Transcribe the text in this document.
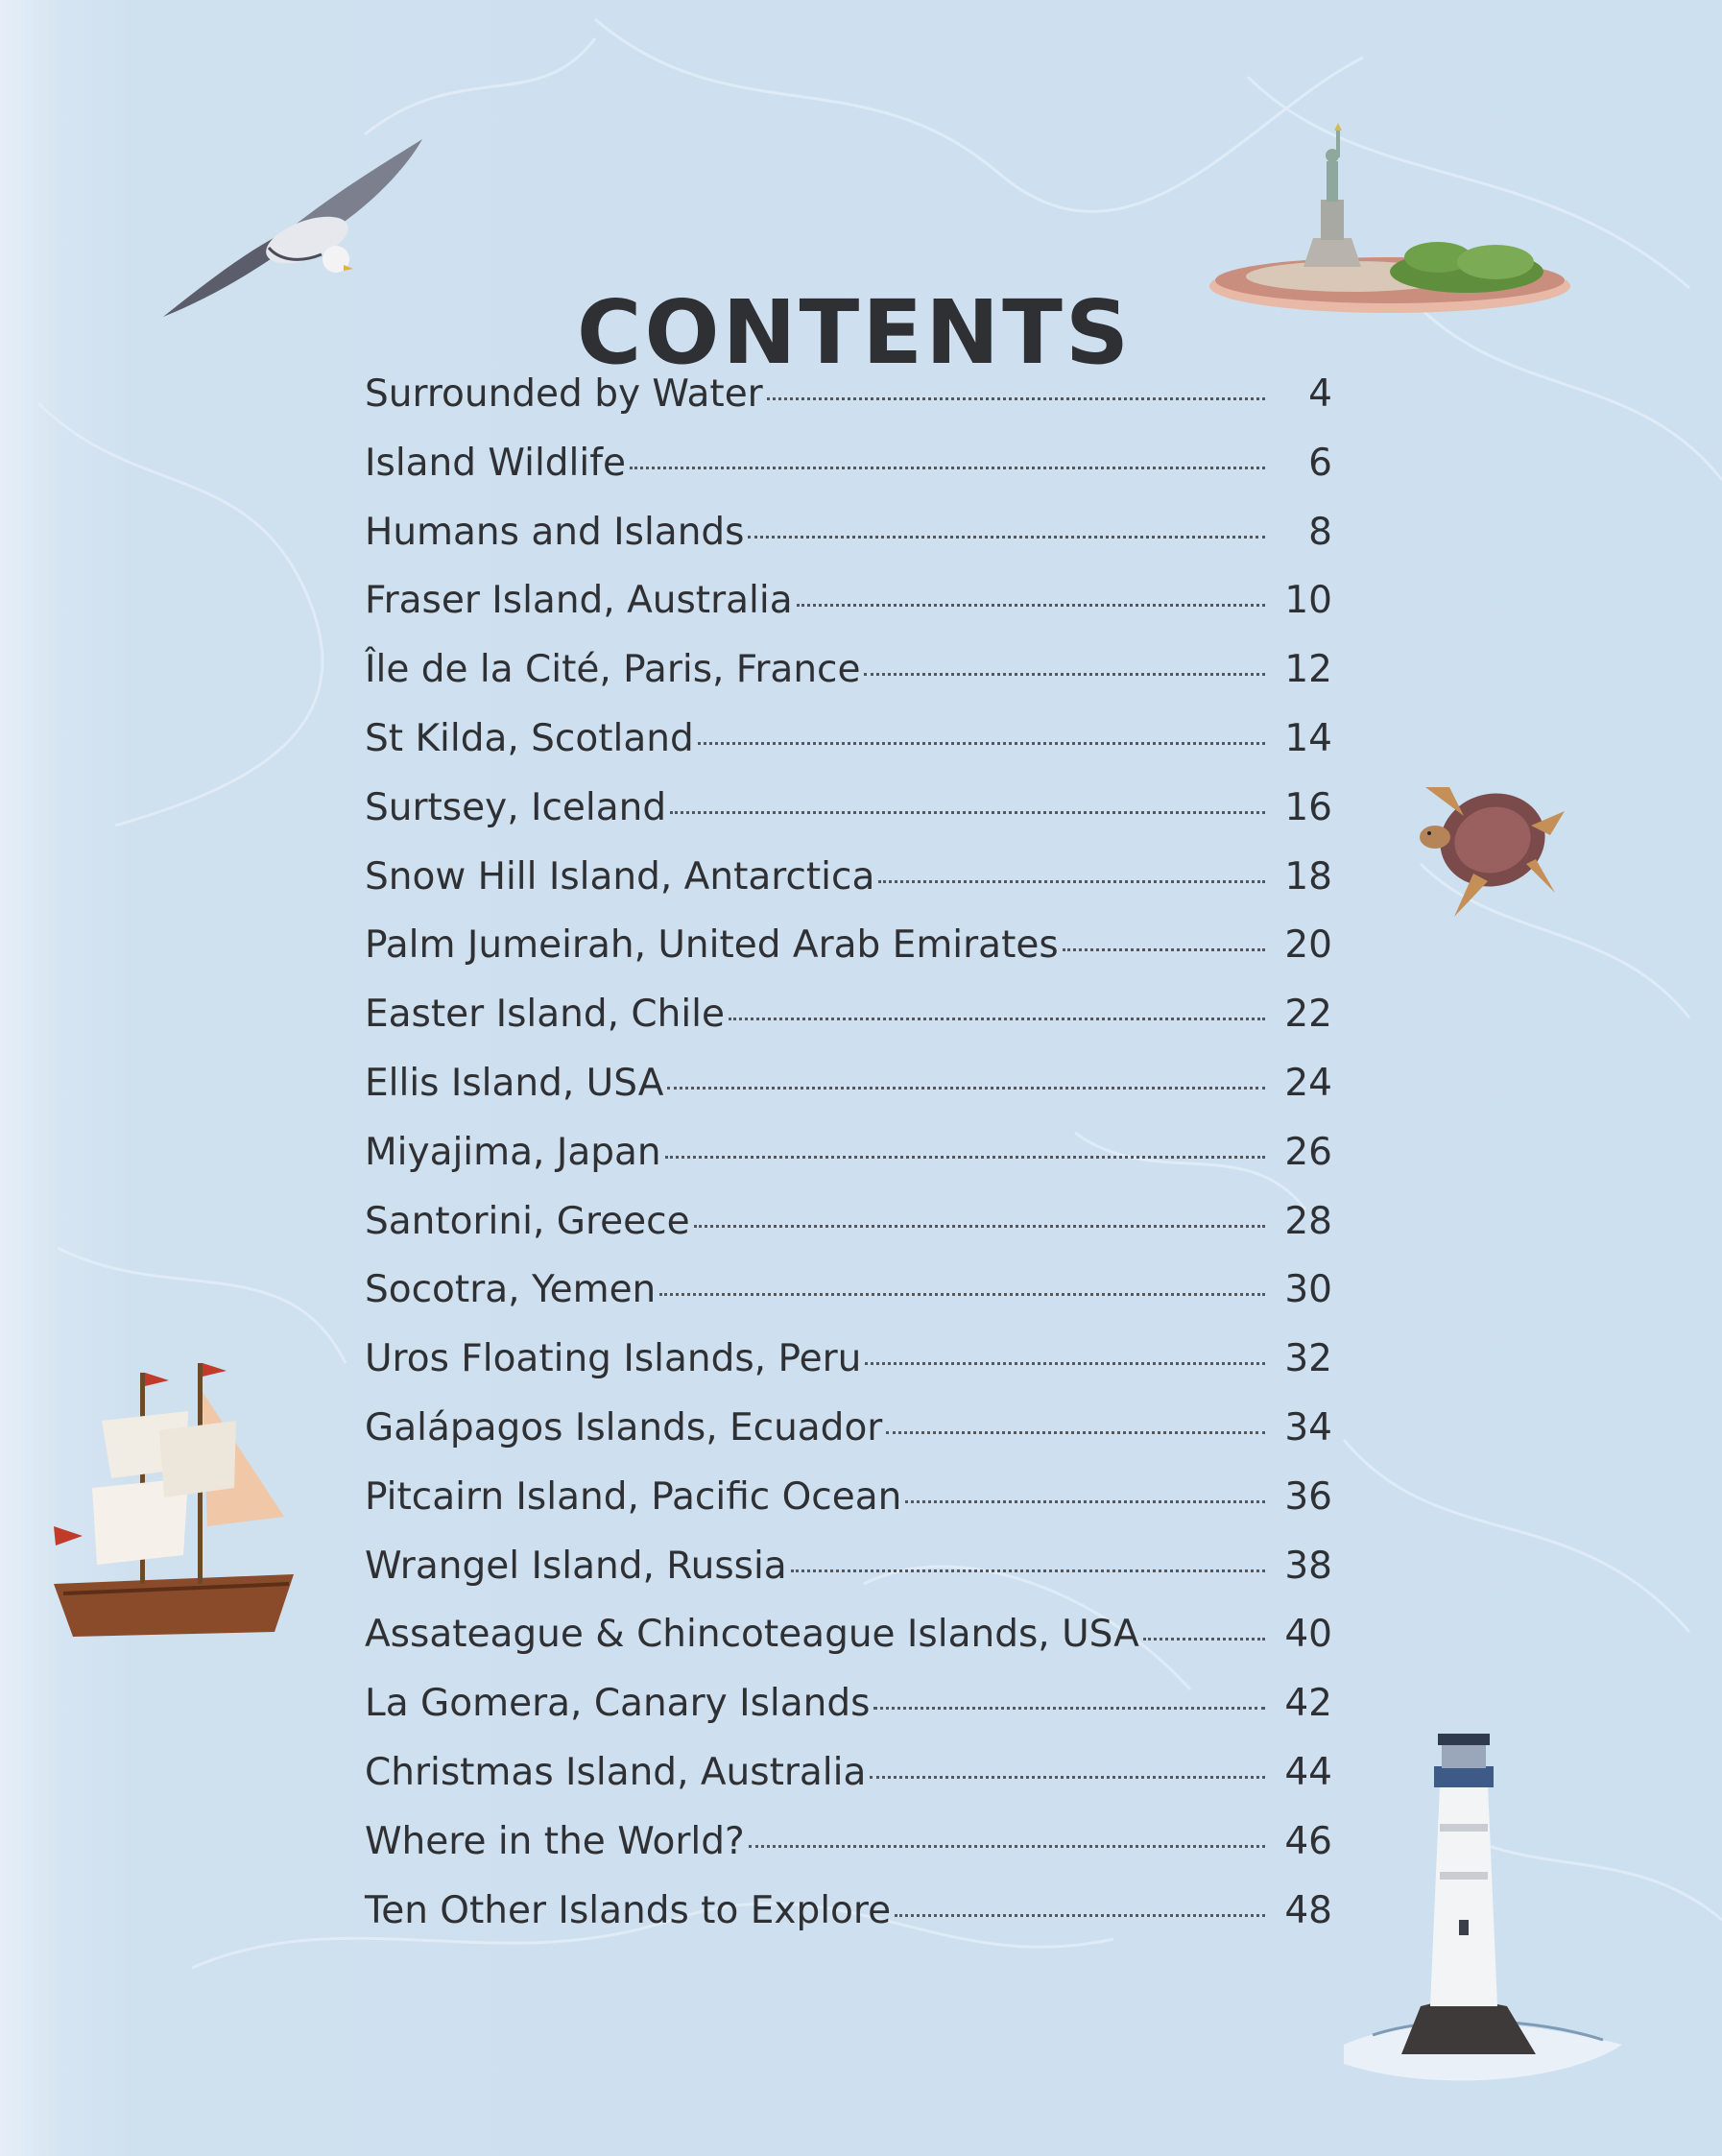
CONTENTS
Surrounded by Water	4
Island Wildlife	6
Humans and Islands	8
Fraser Island, Australia	10
Île de la Cité, Paris, France	12
St Kilda, Scotland	14
Surtsey, Iceland	16
Snow Hill Island, Antarctica	18
Palm Jumeirah, United Arab Emirates	20
Easter Island, Chile	22
Ellis Island, USA	24
Miyajima, Japan	26
Santorini, Greece	28
Socotra, Yemen	30
Uros Floating Islands, Peru	32
Galápagos Islands, Ecuador	34
Pitcairn Island, Pacific Ocean	36
Wrangel Island, Russia	38
Assateague & Chincoteague Islands, USA	40
La Gomera, Canary Islands	42
Christmas Island, Australia	44
Where in the World?	46
Ten Other Islands to Explore	48
